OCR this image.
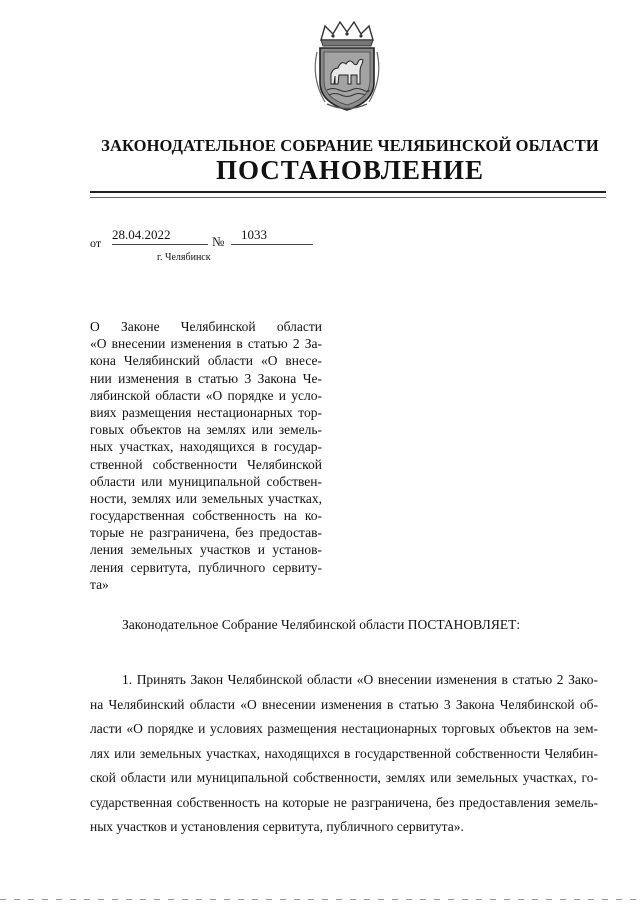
ЗАКОНОДАТЕЛЬНОЕ СОБРАНИЕ ЧЕЛЯБИНСКОЙ ОБЛАСТИ
ПОСТАНОВЛЕНИЕ
от
28.04.2022	№	1033
г. Челябинск
О Законе Челябинской области
«О внесении изменения в статью 2 За-
кона Челябинский области «О внесе-
нии изменения в статью 3 Закона Че-
лябинской области «О порядке и усло-
виях размещения нестационарных тор-
говых объектов на землях или земель-
ных участках, находящихся в государ-
ственной собственности Челябинской
области или муниципальной собствен-
ности, землях или земельных участках,
государственная собственность на ко-
торые не разграничена, без предостав-
ления земельных участков и установ-
ления сервитута, публичного сервиту-
та»
Законодательное Собрание Челябинской области ПОСТАНОВЛЯЕТ:
1. Принять Закон Челябинской области «О внесении изменения в статью 2 Зако-
на Челябинский области «О внесении изменения в статью 3 Закона Челябинской об-
ласти «О порядке и условиях размещения нестационарных торговых объектов на зем-
лях или земельных участках, находящихся в государственной собственности Челябин-
ской области или муниципальной собственности, землях или земельных участках, го-
сударственная собственность на которые не разграничена, без предоставления земель-
ных участков и установления сервитута, публичного сервитута».
